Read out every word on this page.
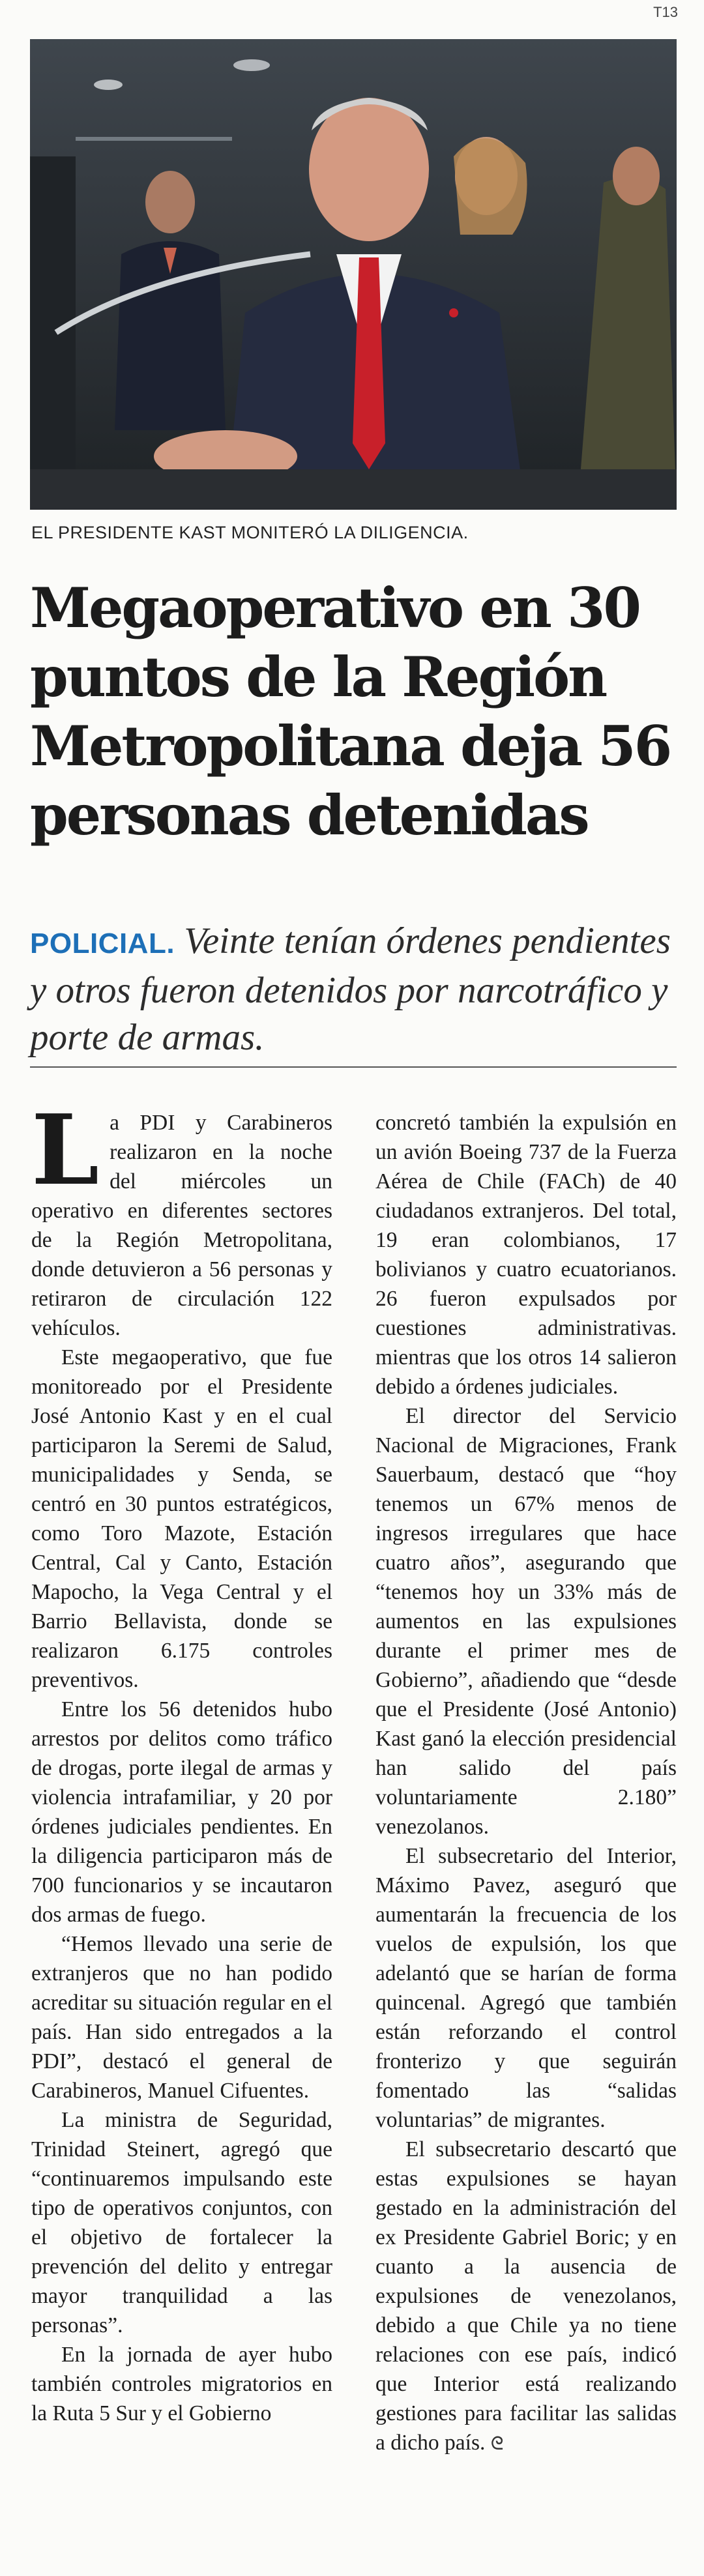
T13
EL PRESIDENTE KAST MONITERÓ LA DILIGENCIA.
Megaoperativo en 30 puntos de la Región Metropolitana deja 56 personas detenidas

POLICIAL. Veinte tenían órdenes pendientes y otros fueron detenidos por narcotráfico y porte de armas.

La PDI y Carabineros realizaron en la noche del miércoles un operativo en diferentes sectores de la Región Metropolitana, donde detuvieron a 56 personas y retiraron de circulación 122 vehículos.

Este megaoperativo, que fue monitoreado por el Presidente José Antonio Kast y en el cual participaron la Seremi de Salud, municipalidades y Senda, se centró en 30 puntos estratégicos, como Toro Mazote, Estación Central, Cal y Canto, Estación Mapocho, la Vega Central y el Barrio Bellavista, donde se realizaron 6.175 controles preventivos.

Entre los 56 detenidos hubo arrestos por delitos como tráfico de drogas, porte ilegal de armas y violencia intrafamiliar, y 20 por órdenes judiciales pendientes. En la diligencia participaron más de 700 funcionarios y se incautaron dos armas de fuego.

“Hemos llevado una serie de extranjeros que no han podido acreditar su situación regular en el país. Han sido entregados a la PDI”, destacó el general de Carabineros, Manuel Cifuentes.

La ministra de Seguridad, Trinidad Steinert, agregó que “continuaremos impulsando este tipo de operativos conjuntos, con el objetivo de fortalecer la prevención del delito y entregar mayor tranquilidad a las personas”.

En la jornada de ayer hubo también controles migratorios en la Ruta 5 Sur y el Gobierno

concretó también la expulsión en un avión Boeing 737 de la Fuerza Aérea de Chile (FACh) de 40 ciudadanos extranjeros. Del total, 19 eran colombianos, 17 bolivianos y cuatro ecuatorianos. 26 fueron expulsados por cuestiones administrativas. mientras que los otros 14 salieron debido a órdenes judiciales.

El director del Servicio Nacional de Migraciones, Frank Sauerbaum, destacó que “hoy tenemos un 67% menos de ingresos irregulares que hace cuatro años”, asegurando que “tenemos hoy un 33% más de aumentos en las expulsiones durante el primer mes de Gobierno”, añadiendo que “desde que el Presidente (José Antonio) Kast ganó la elección presidencial han salido del país voluntariamente 2.180” venezolanos.

El subsecretario del Interior, Máximo Pavez, aseguró que aumentarán la frecuencia de los vuelos de expulsión, los que adelantó que se harían de forma quincenal. Agregó que también están reforzando el control fronterizo y que seguirán fomentado las “salidas voluntarias” de migrantes.

El subsecretario descartó que estas expulsiones se hayan gestado en la administración del ex Presidente Gabriel Boric; y en cuanto a la ausencia de expulsiones de venezolanos, debido a que Chile ya no tiene relaciones con ese país, indicó que Interior está realizando gestiones para facilitar las salidas a dicho país. ᘓ
